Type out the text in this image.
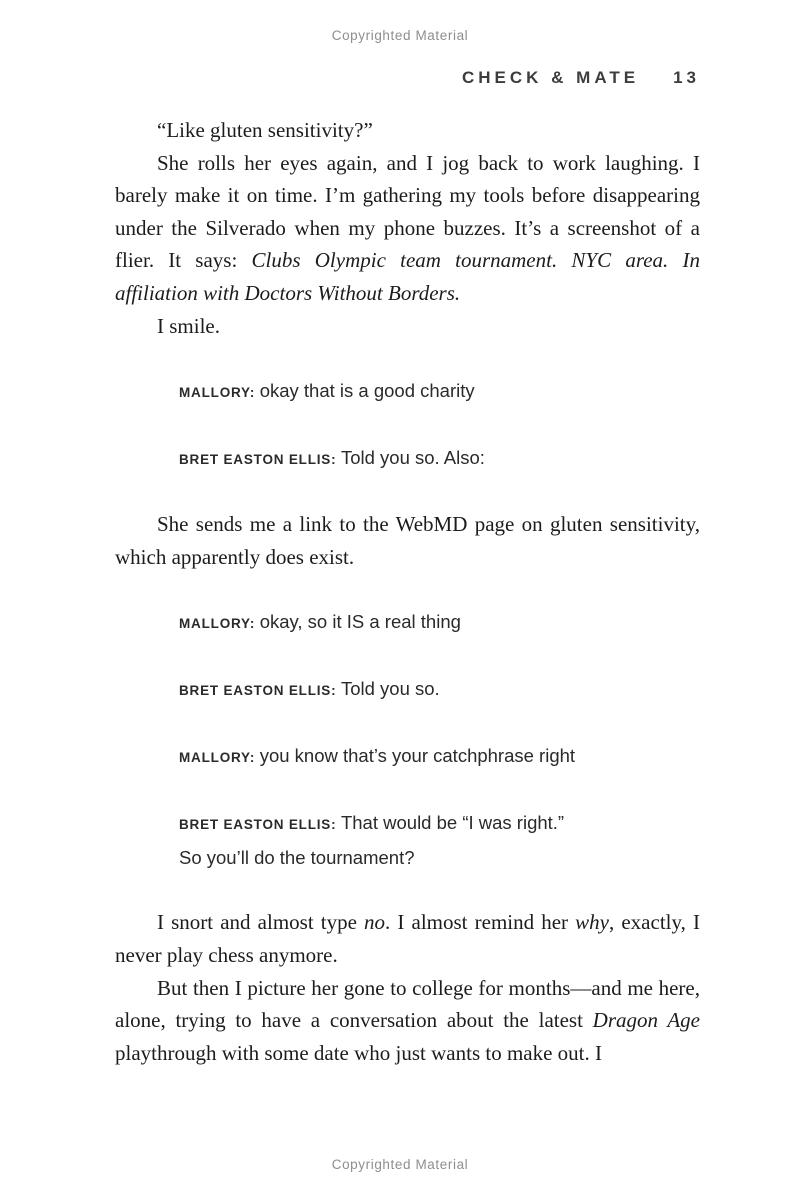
Copyrighted Material
CHECK & MATE 13

“Like gluten sensitivity?”

She rolls her eyes again, and I jog back to work laughing. I barely make it on time. I’m gathering my tools before disappearing under the Silverado when my phone buzzes. It’s a screenshot of a flier. It says: Clubs Olympic team tournament. NYC area. In affiliation with Doctors Without Borders.

I smile.

MALLORY: okay that is a good charity

BRET EASTON ELLIS: Told you so. Also:

She sends me a link to the WebMD page on gluten sensitivity, which apparently does exist.

MALLORY: okay, so it IS a real thing

BRET EASTON ELLIS: Told you so.

MALLORY: you know that’s your catchphrase right

BRET EASTON ELLIS: That would be “I was right.” So you’ll do the tournament?

I snort and almost type no. I almost remind her why, exactly, I never play chess anymore.

But then I picture her gone to college for months—and me here, alone, trying to have a conversation about the latest Dragon Age playthrough with some date who just wants to make out. I

Copyrighted Material
